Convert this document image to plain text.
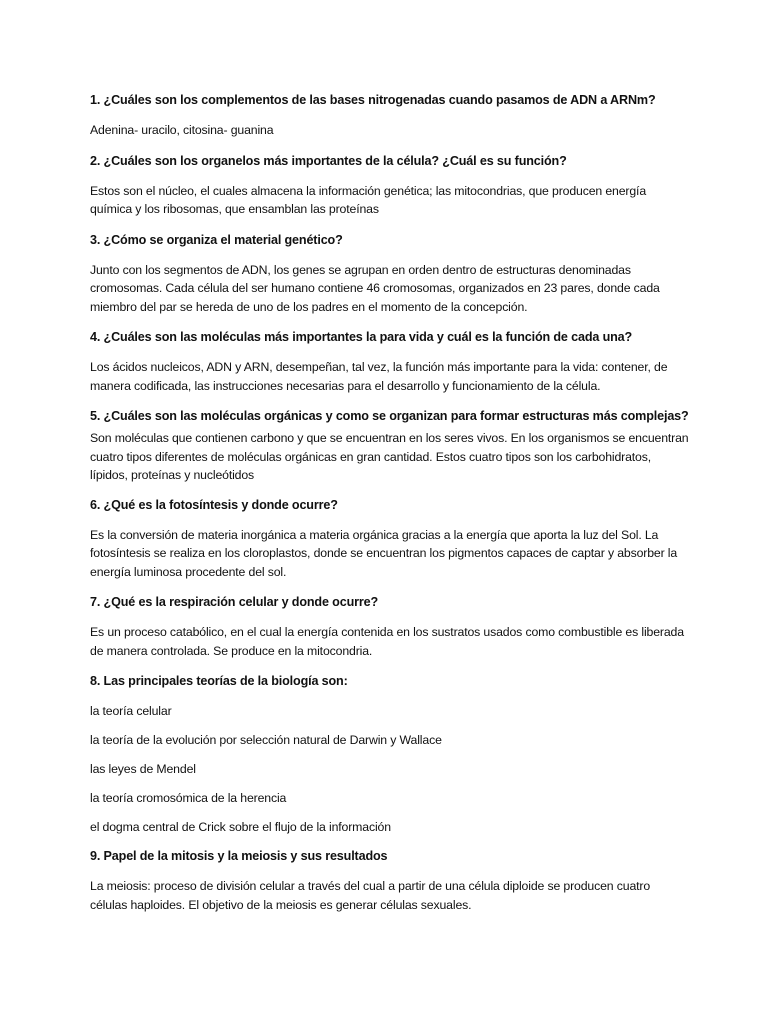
1. ¿Cuáles son los complementos de las bases nitrogenadas cuando pasamos de ADN a ARNm?

Adenina- uracilo, citosina- guanina

2. ¿Cuáles son los organelos más importantes de la célula? ¿Cuál es su función?

Estos son el núcleo, el cuales almacena la información genética; las mitocondrias, que producen energía química y los ribosomas, que ensamblan las proteínas

3. ¿Cómo se organiza el material genético?

Junto con los segmentos de ADN, los genes se agrupan en orden dentro de estructuras denominadas cromosomas. Cada célula del ser humano contiene 46 cromosomas, organizados en 23 pares, donde cada miembro del par se hereda de uno de los padres en el momento de la concepción.

4. ¿Cuáles son las moléculas más importantes la para vida y cuál es la función de cada una?

Los ácidos nucleicos, ADN y ARN, desempeñan, tal vez, la función más importante para la vida: contener, de manera codificada, las instrucciones necesarias para el desarrollo y funcionamiento de la célula.

5. ¿Cuáles son las moléculas orgánicas y como se organizan para formar estructuras más complejas?

Son moléculas que contienen carbono y que se encuentran en los seres vivos. En los organismos se encuentran cuatro tipos diferentes de moléculas orgánicas en gran cantidad. Estos cuatro tipos son los carbohidratos, lípidos, proteínas y nucleótidos

6. ¿Qué es la fotosíntesis y donde ocurre?

Es la conversión de materia inorgánica a materia orgánica gracias a la energía que aporta la luz del Sol. La fotosíntesis se realiza en los cloroplastos, donde se encuentran los pigmentos capaces de captar y absorber la energía luminosa procedente del sol.

7. ¿Qué es la respiración celular y donde ocurre?

Es un proceso catabólico, en el cual la energía contenida en los sustratos usados como combustible es liberada de manera controlada. Se produce en la mitocondria.

8. Las principales teorías de la biología son:

la teoría celular

la teoría de la evolución por selección natural de Darwin y Wallace

las leyes de Mendel

la teoría cromosómica de la herencia

el dogma central de Crick sobre el flujo de la información

9. Papel de la mitosis y la meiosis y sus resultados

La meiosis: proceso de división celular a través del cual a partir de una célula diploide se producen cuatro células haploides. El objetivo de la meiosis es generar células sexuales.
